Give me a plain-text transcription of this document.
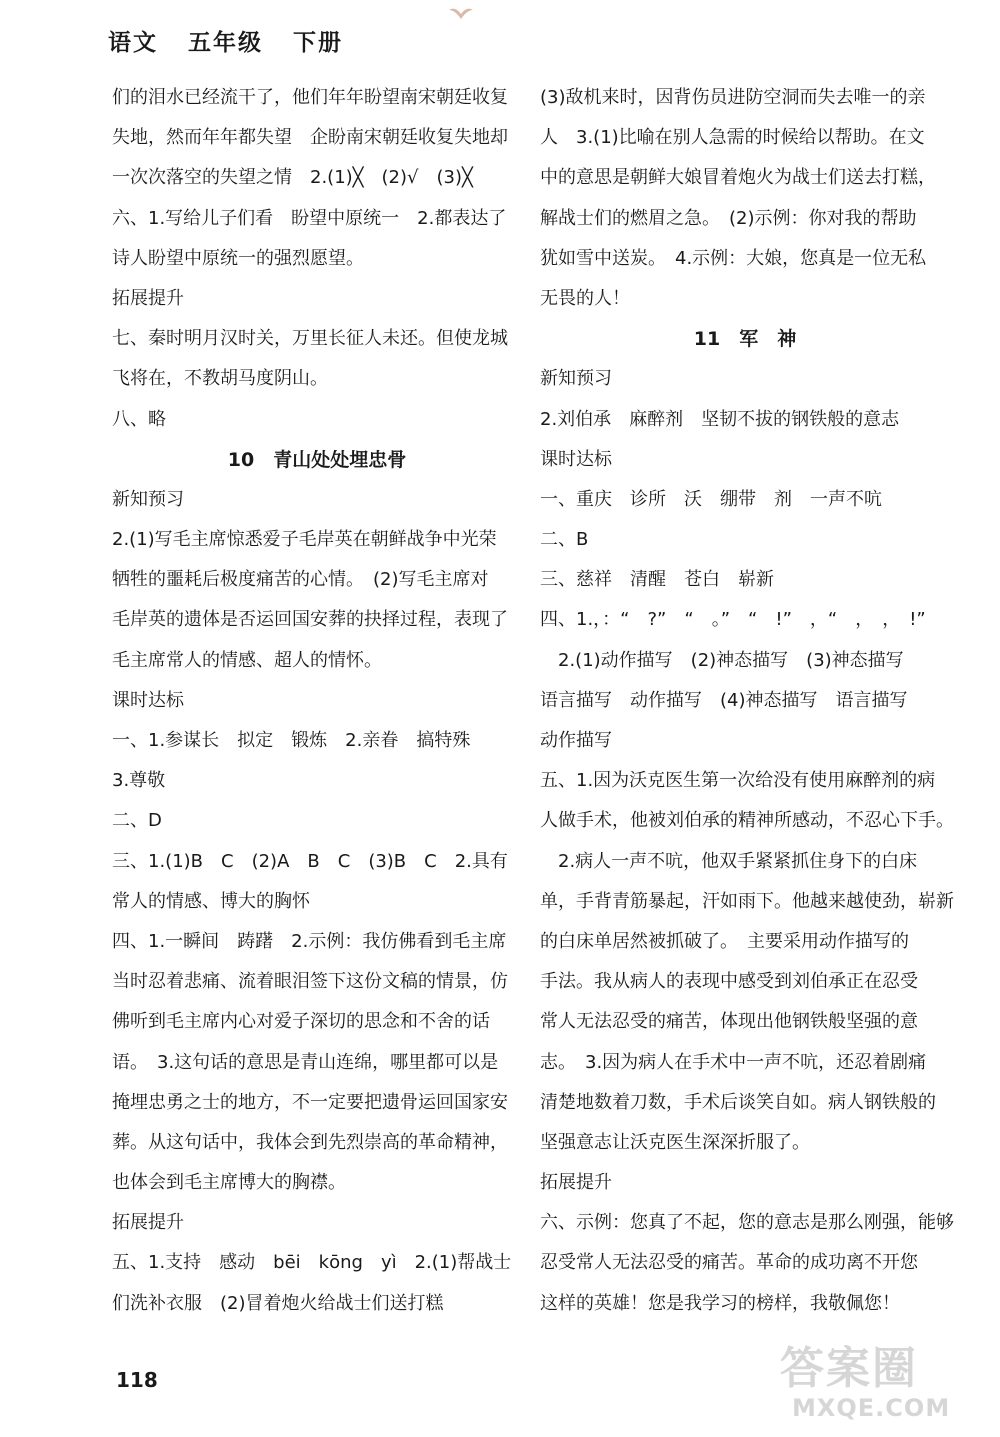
语文 五年级 下册
们的泪水已经流干了，他们年年盼望南宋朝廷收复
失地，然而年年都失望　企盼南宋朝廷收复失地却
一次次落空的失望之情　2.(1)╳　(2)√　(3)╳
六、1.写给儿子们看　盼望中原统一　2.都表达了
诗人盼望中原统一的强烈愿望。
拓展提升
七、秦时明月汉时关，万里长征人未还。但使龙城
飞将在，不教胡马度阴山。
八、略
10　青山处处埋忠骨
新知预习
2.(1)写毛主席惊悉爱子毛岸英在朝鲜战争中光荣
牺牲的噩耗后极度痛苦的心情。　(2)写毛主席对
毛岸英的遗体是否运回国安葬的抉择过程，表现了
毛主席常人的情感、超人的情怀。
课时达标
一、1.参谋长　拟定　锻炼　2.亲眷　搞特殊
3.尊敬
二、D
三、1.(1)B　C　(2)A　B　C　(3)B　C　2.具有
常人的情感、博大的胸怀
四、1.一瞬间　踌躇　2.示例：我仿佛看到毛主席
当时忍着悲痛、流着眼泪签下这份文稿的情景，仿
佛听到毛主席内心对爱子深切的思念和不舍的话
语。　3.这句话的意思是青山连绵，哪里都可以是
掩埋忠勇之士的地方，不一定要把遗骨运回国家安
葬。从这句话中，我体会到先烈崇高的革命精神，
也体会到毛主席博大的胸襟。
拓展提升
五、1.支持　感动　bēi　kōng　yì　2.(1)帮战士
们洗补衣服　(2)冒着炮火给战士们送打糕
(3)敌机来时，因背伤员进防空洞而失去唯一的亲
人　3.(1)比喻在别人急需的时候给以帮助。在文
中的意思是朝鲜大娘冒着炮火为战士们送去打糕，
解战士们的燃眉之急。　(2)示例：你对我的帮助
犹如雪中送炭。　4.示例：大娘，您真是一位无私
无畏的人！
11　军　神
新知预习
2.刘伯承　麻醉剂　坚韧不拔的钢铁般的意志
课时达标
一、重庆　诊所　沃　绷带　剂　一声不吭
二、B
三、慈祥　清醒　苍白　崭新
四、1.，：“　?”　“　。”　“　!”　，“　，　，　!”
　2.(1)动作描写　(2)神态描写　(3)神态描写
语言描写　动作描写　(4)神态描写　语言描写
动作描写
五、1.因为沃克医生第一次给没有使用麻醉剂的病
人做手术，他被刘伯承的精神所感动，不忍心下手。
　2.病人一声不吭，他双手紧紧抓住身下的白床
单，手背青筋暴起，汗如雨下。他越来越使劲，崭新
的白床单居然被抓破了。　主要采用动作描写的
手法。我从病人的表现中感受到刘伯承正在忍受
常人无法忍受的痛苦，体现出他钢铁般坚强的意
志。　3.因为病人在手术中一声不吭，还忍着剧痛
清楚地数着刀数，手术后谈笑自如。病人钢铁般的
坚强意志让沃克医生深深折服了。
拓展提升
六、示例：您真了不起，您的意志是那么刚强，能够
忍受常人无法忍受的痛苦。革命的成功离不开您
这样的英雄！您是我学习的榜样，我敬佩您！
118	答案圈
MXQE.COM
